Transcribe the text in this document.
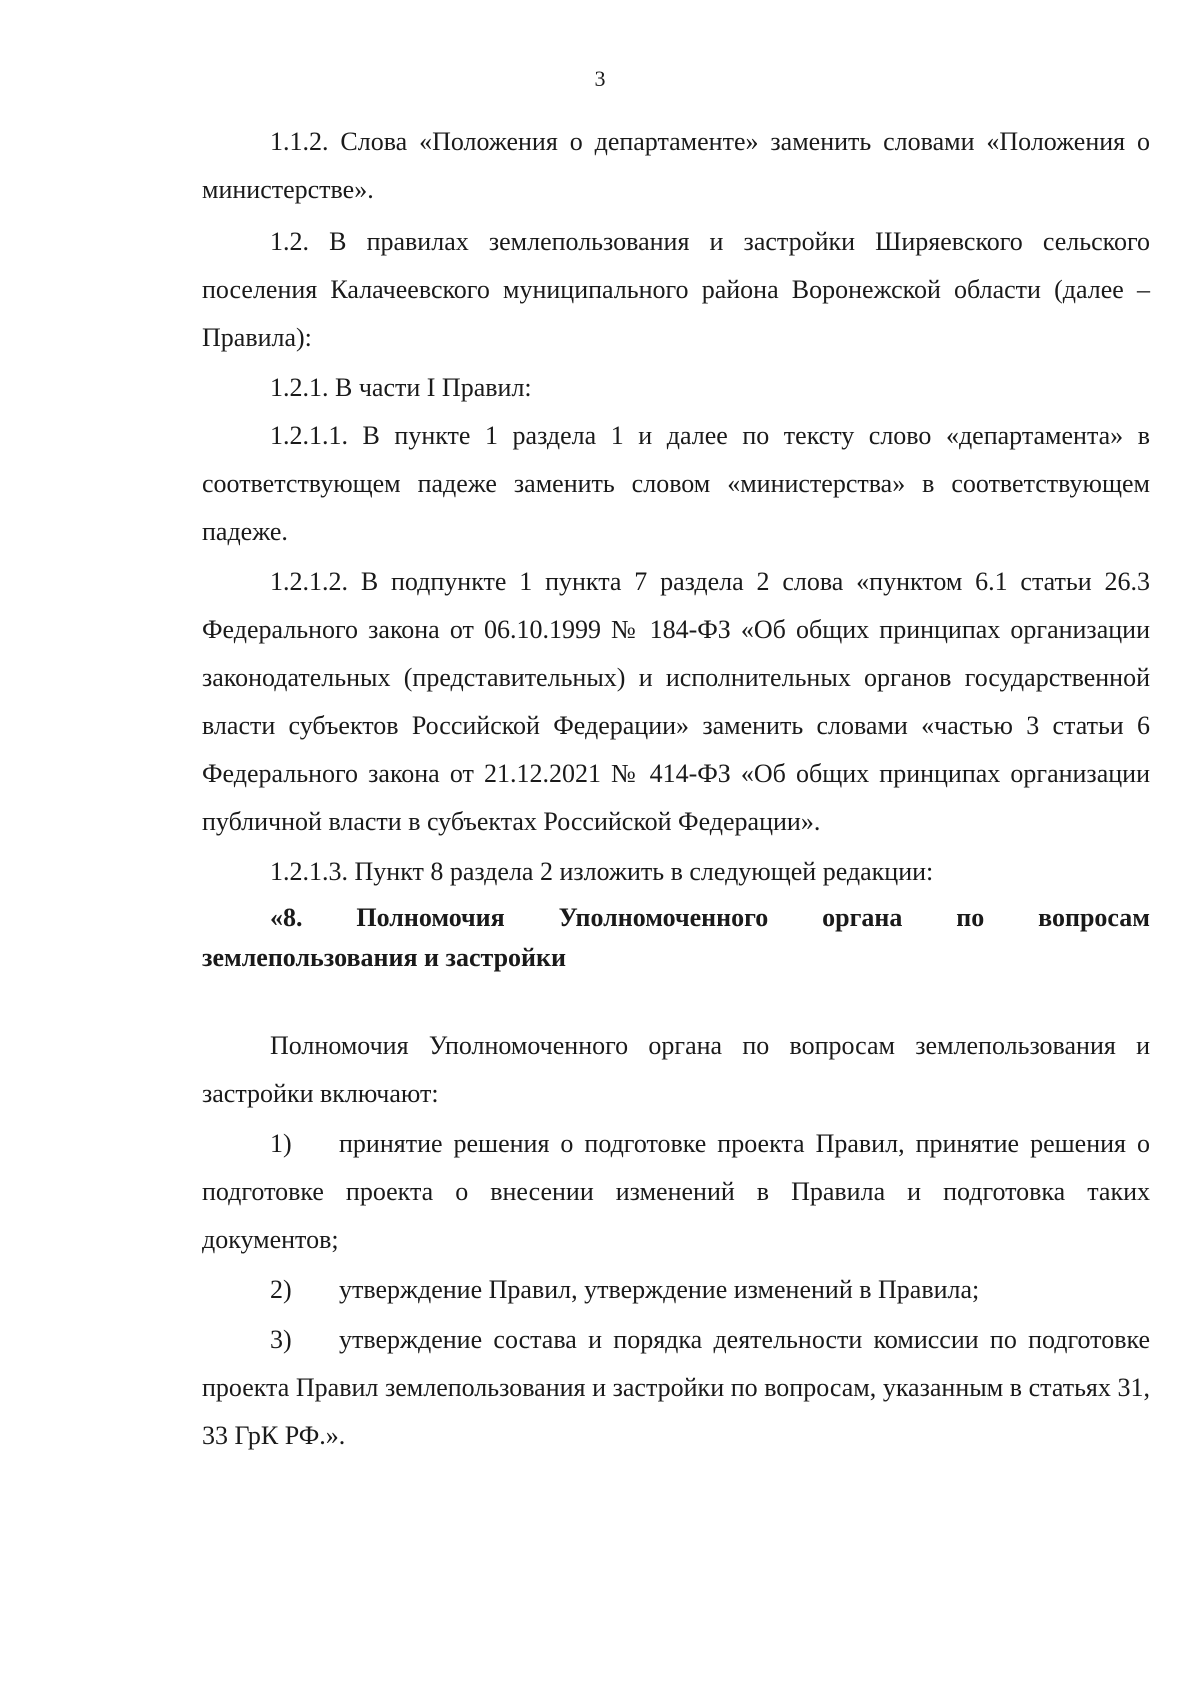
3

1.1.2. Слова «Положения о департаменте» заменить словами «Положения о министерстве».

1.2. В правилах землепользования и застройки Ширяевского сельского поселения Калачеевского муниципального района Воронежской области (далее – Правила):

1.2.1. В части I Правил:

1.2.1.1. В пункте 1 раздела 1 и далее по тексту слово «департамента» в соответствующем падеже заменить словом «министерства» в соответствующем падеже.

1.2.1.2. В подпункте 1 пункта 7 раздела 2 слова «пунктом 6.1 статьи 26.3 Федерального закона от 06.10.1999 № 184-ФЗ «Об общих принципах организации законодательных (представительных) и исполнительных органов государственной власти субъектов Российской Федерации» заменить словами «частью 3 статьи 6 Федерального закона от 21.12.2021 № 414-ФЗ «Об общих принципах организации публичной власти в субъектах Российской Федерации».

1.2.1.3. Пункт 8 раздела 2 изложить в следующей редакции:

«8. Полномочия Уполномоченного органа по вопросам

землепользования и застройки

Полномочия Уполномоченного органа по вопросам землепользования и застройки включают:

1) принятие решения о подготовке проекта Правил, принятие решения о подготовке проекта о внесении изменений в Правила и подготовка таких документов;

2) утверждение Правил, утверждение изменений в Правила;

3) утверждение состава и порядка деятельности комиссии по подготовке проекта Правил землепользования и застройки по вопросам, указанным в статьях 31, 33 ГрК РФ.».
